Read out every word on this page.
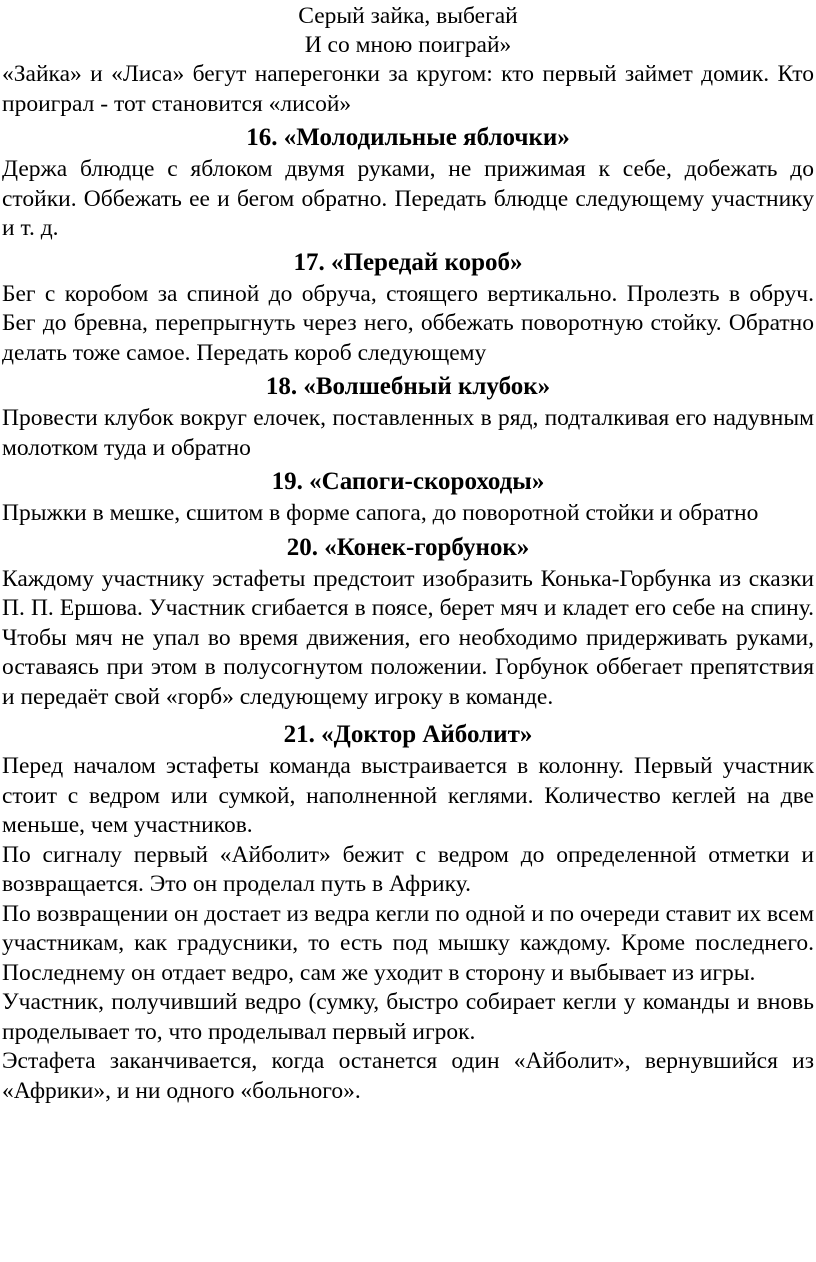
Серый зайка, выбегай
И со мною поиграй»

«Зайка» и «Лиса» бегут наперегонки за кругом: кто первый займет домик. Кто проиграл - тот становится «лисой»

16. «Молодильные яблочки»

Держа блюдце с яблоком двумя руками, не прижимая к себе, добежать до стойки. Оббежать ее и бегом обратно. Передать блюдце следующему участнику и т. д.

17. «Передай короб»

Бег с коробом за спиной до обруча, стоящего вертикально. Пролезть в обруч. Бег до бревна, перепрыгнуть через него, оббежать поворотную стойку. Обратно делать тоже самое. Передать короб следующему

18. «Волшебный клубок»

Провести клубок вокруг елочек, поставленных в ряд, подталкивая его надувным молотком туда и обратно

19. «Сапоги-скороходы»

Прыжки в мешке, сшитом в форме сапога, до поворотной стойки и обратно

20. «Конек-горбунок»

Каждому участнику эстафеты предстоит изобразить Конька-Горбунка из сказки П. П. Ершова. Участник сгибается в поясе, берет мяч и кладет его себе на спину. Чтобы мяч не упал во время движения, его необходимо придерживать руками, оставаясь при этом в полусогнутом положении. Горбунок оббегает препятствия и передаёт свой «горб» следующему игроку в команде.

21. «Доктор Айболит»

Перед началом эстафеты команда выстраивается в колонну. Первый участник стоит с ведром или сумкой, наполненной кеглями. Количество кеглей на две меньше, чем участников.

По сигналу первый «Айболит» бежит с ведром до определенной отметки и возвращается. Это он проделал путь в Африку.

По возвращении он достает из ведра кегли по одной и по очереди ставит их всем участникам, как градусники, то есть под мышку каждому. Кроме последнего. Последнему он отдает ведро, сам же уходит в сторону и выбывает из игры.

Участник, получивший ведро (сумку, быстро собирает кегли у команды и вновь проделывает то, что проделывал первый игрок.

Эстафета заканчивается, когда останется один «Айболит», вернувшийся из «Африки», и ни одного «больного».
